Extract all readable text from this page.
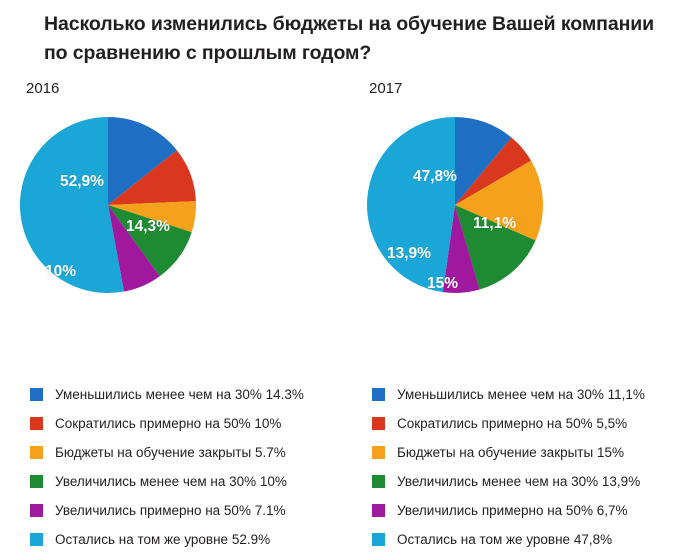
Насколько изменились бюджеты на обучение Вашей компании по сравнению с прошлым годом?
2016
52,9%
14,3%
10%
Уменьшились менее чем на 30% 14.3%
Сократились примерно на 50% 10%
Бюджеты на обучение закрыты 5.7%
Увеличились менее чем на 30% 10%
Увеличились примерно на 50% 7.1%
Остались на том же уровне 52.9%
2017
47,8%
11,1%
13,9%
15%
Уменьшились менее чем на 30% 11,1%
Сократились примерно на 50% 5,5%
Бюджеты на обучение закрыты 15%
Увеличились менее чем на 30% 13,9%
Увеличились примерно на 50% 6,7%
Остались на том же уровне 47,8%
